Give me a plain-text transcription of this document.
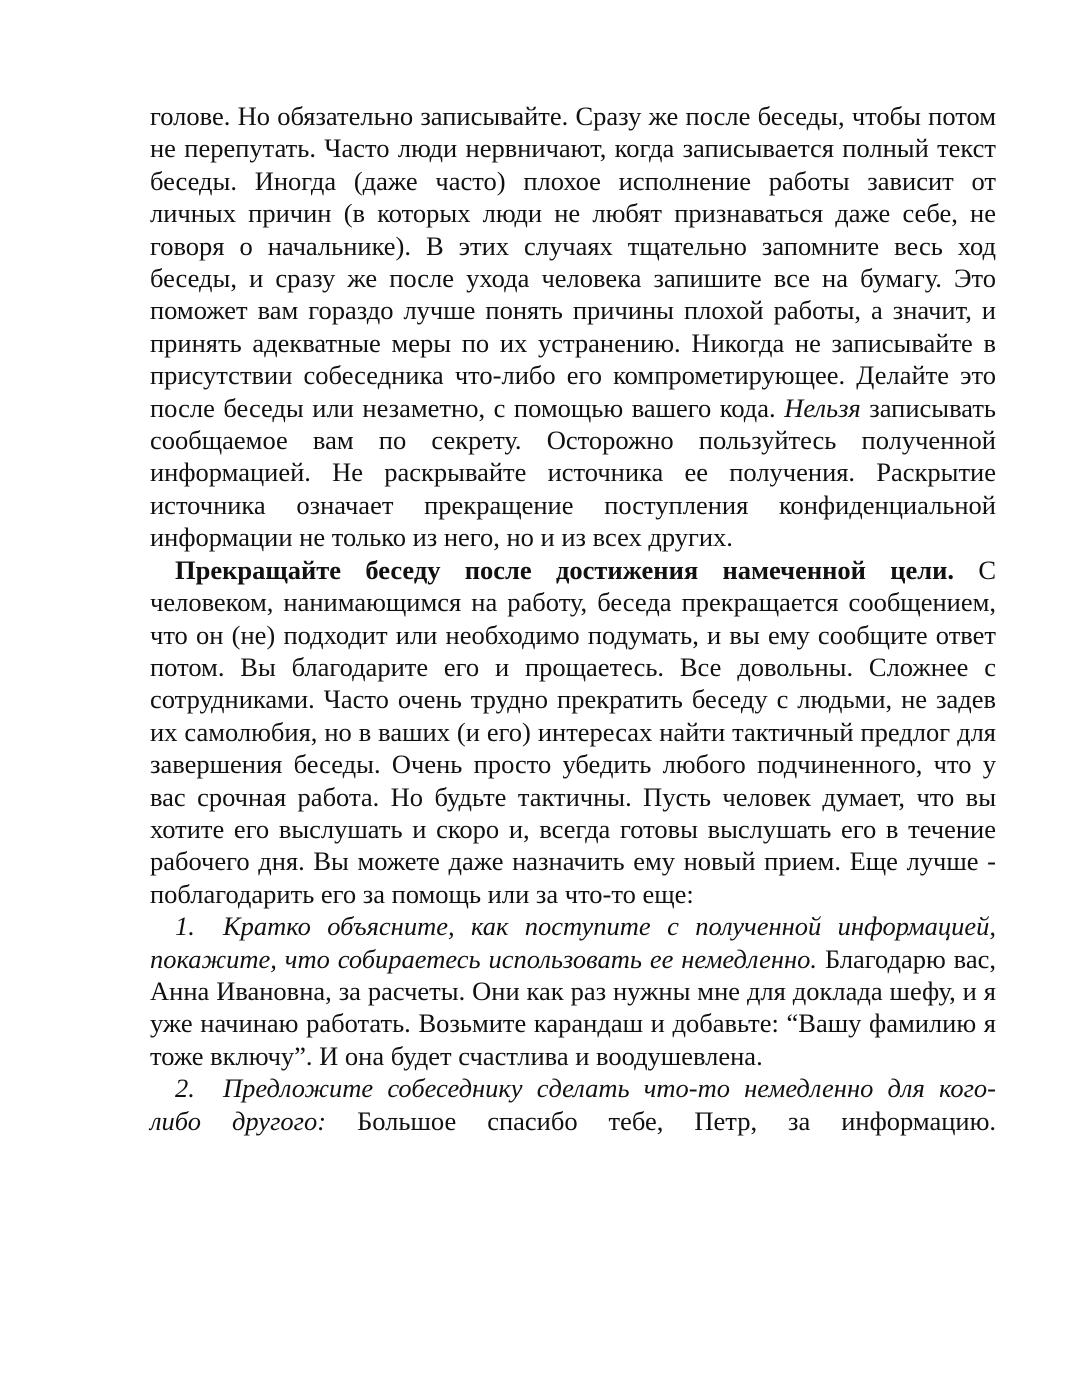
голове. Но обязательно записывайте. Сразу же после беседы, чтобы потом не перепутать. Часто люди нервничают, когда записывается полный текст беседы. Иногда (даже часто) плохое исполнение работы зависит от личных причин (в которых люди не любят признаваться даже себе, не говоря о начальнике). В этих случаях тщательно запомните весь ход беседы, и сразу же после ухода человека запишите все на бумагу. Это поможет вам гораздо лучше понять причины плохой работы, а значит, и принять адекватные меры по их устранению. Никогда не записывайте в присутствии собеседника что-либо его компрометирующее. Делайте это после беседы или незаметно, с помощью вашего кода. Нельзя записывать сообщаемое вам по секрету. Осторожно пользуйтесь полученной информацией. Не раскрывайте источника ее получения. Раскрытие источника означает прекращение поступления конфиденциальной информации не только из него, но и из всех других.

Прекращайте беседу после достижения намеченной цели. С человеком, нанимающимся на работу, беседа прекращается сообщением, что он (не) подходит или необходимо подумать, и вы ему сообщите ответ потом. Вы благодарите его и прощаетесь. Все довольны. Сложнее с сотрудниками. Часто очень трудно прекратить беседу с людьми, не задев их самолюбия, но в ваших (и его) интересах найти тактичный предлог для завершения беседы. Очень просто убедить любого подчиненного, что у вас срочная работа. Но будьте тактичны. Пусть человек думает, что вы хотите его выслушать и скоро и, всегда готовы выслушать его в течение рабочего дня. Вы можете даже назначить ему новый прием. Еще лучше - поблагодарить его за помощь или за что-то еще:

1. Кратко объясните, как поступите с полученной информацией, покажите, что собираетесь использовать ее немедленно. Благодарю вас, Анна Ивановна, за расчеты. Они как раз нужны мне для доклада шефу, и я уже начинаю работать. Возьмите карандаш и добавьте: “Вашу фамилию я тоже включу”. И она будет счастлива и воодушевлена.

2. Предложите собеседнику сделать что-то немедленно для кого-либо другого: Большое спасибо тебе, Петр, за информацию.
